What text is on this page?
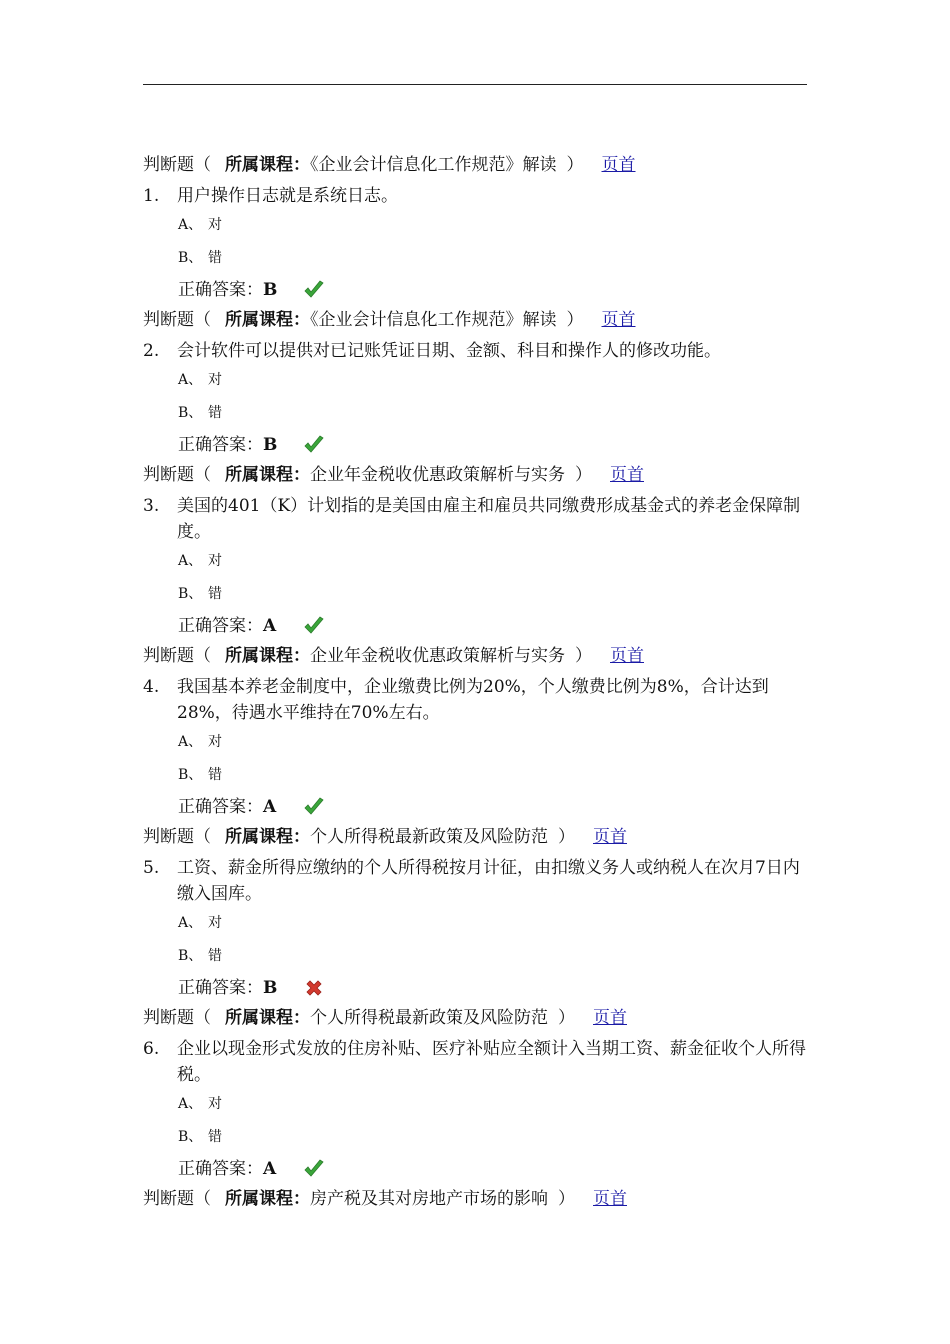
判断题（ 所属课程：《企业会计信息化工作规范》解读 ） 页首
1.	用户操作日志就是系统日志。
A、 对
B、 错
正确答案： B
判断题（ 所属课程：《企业会计信息化工作规范》解读 ） 页首
2.	会计软件可以提供对已记账凭证日期、金额、科目和操作人的修改功能。
A、 对
B、 错
正确答案： B
判断题（ 所属课程：企业年金税收优惠政策解析与实务 ） 页首
3.	美国的401（K）计划指的是美国由雇主和雇员共同缴费形成基金式的养老金保障制度。
A、 对
B、 错
正确答案： A
判断题（ 所属课程：企业年金税收优惠政策解析与实务 ） 页首
4.	我国基本养老金制度中，企业缴费比例为20%，个人缴费比例为8%，合计达到28%，待遇水平维持在70%左右。
A、 对
B、 错
正确答案： A
判断题（ 所属课程：个人所得税最新政策及风险防范 ） 页首
5.	工资、薪金所得应缴纳的个人所得税按月计征，由扣缴义务人或纳税人在次月7日内缴入国库。
A、 对
B、 错
正确答案： B
判断题（ 所属课程：个人所得税最新政策及风险防范 ） 页首
6.	企业以现金形式发放的住房补贴、医疗补贴应全额计入当期工资、薪金征收个人所得税。
A、 对
B、 错
正确答案： A
判断题（ 所属课程：房产税及其对房地产市场的影响 ） 页首
